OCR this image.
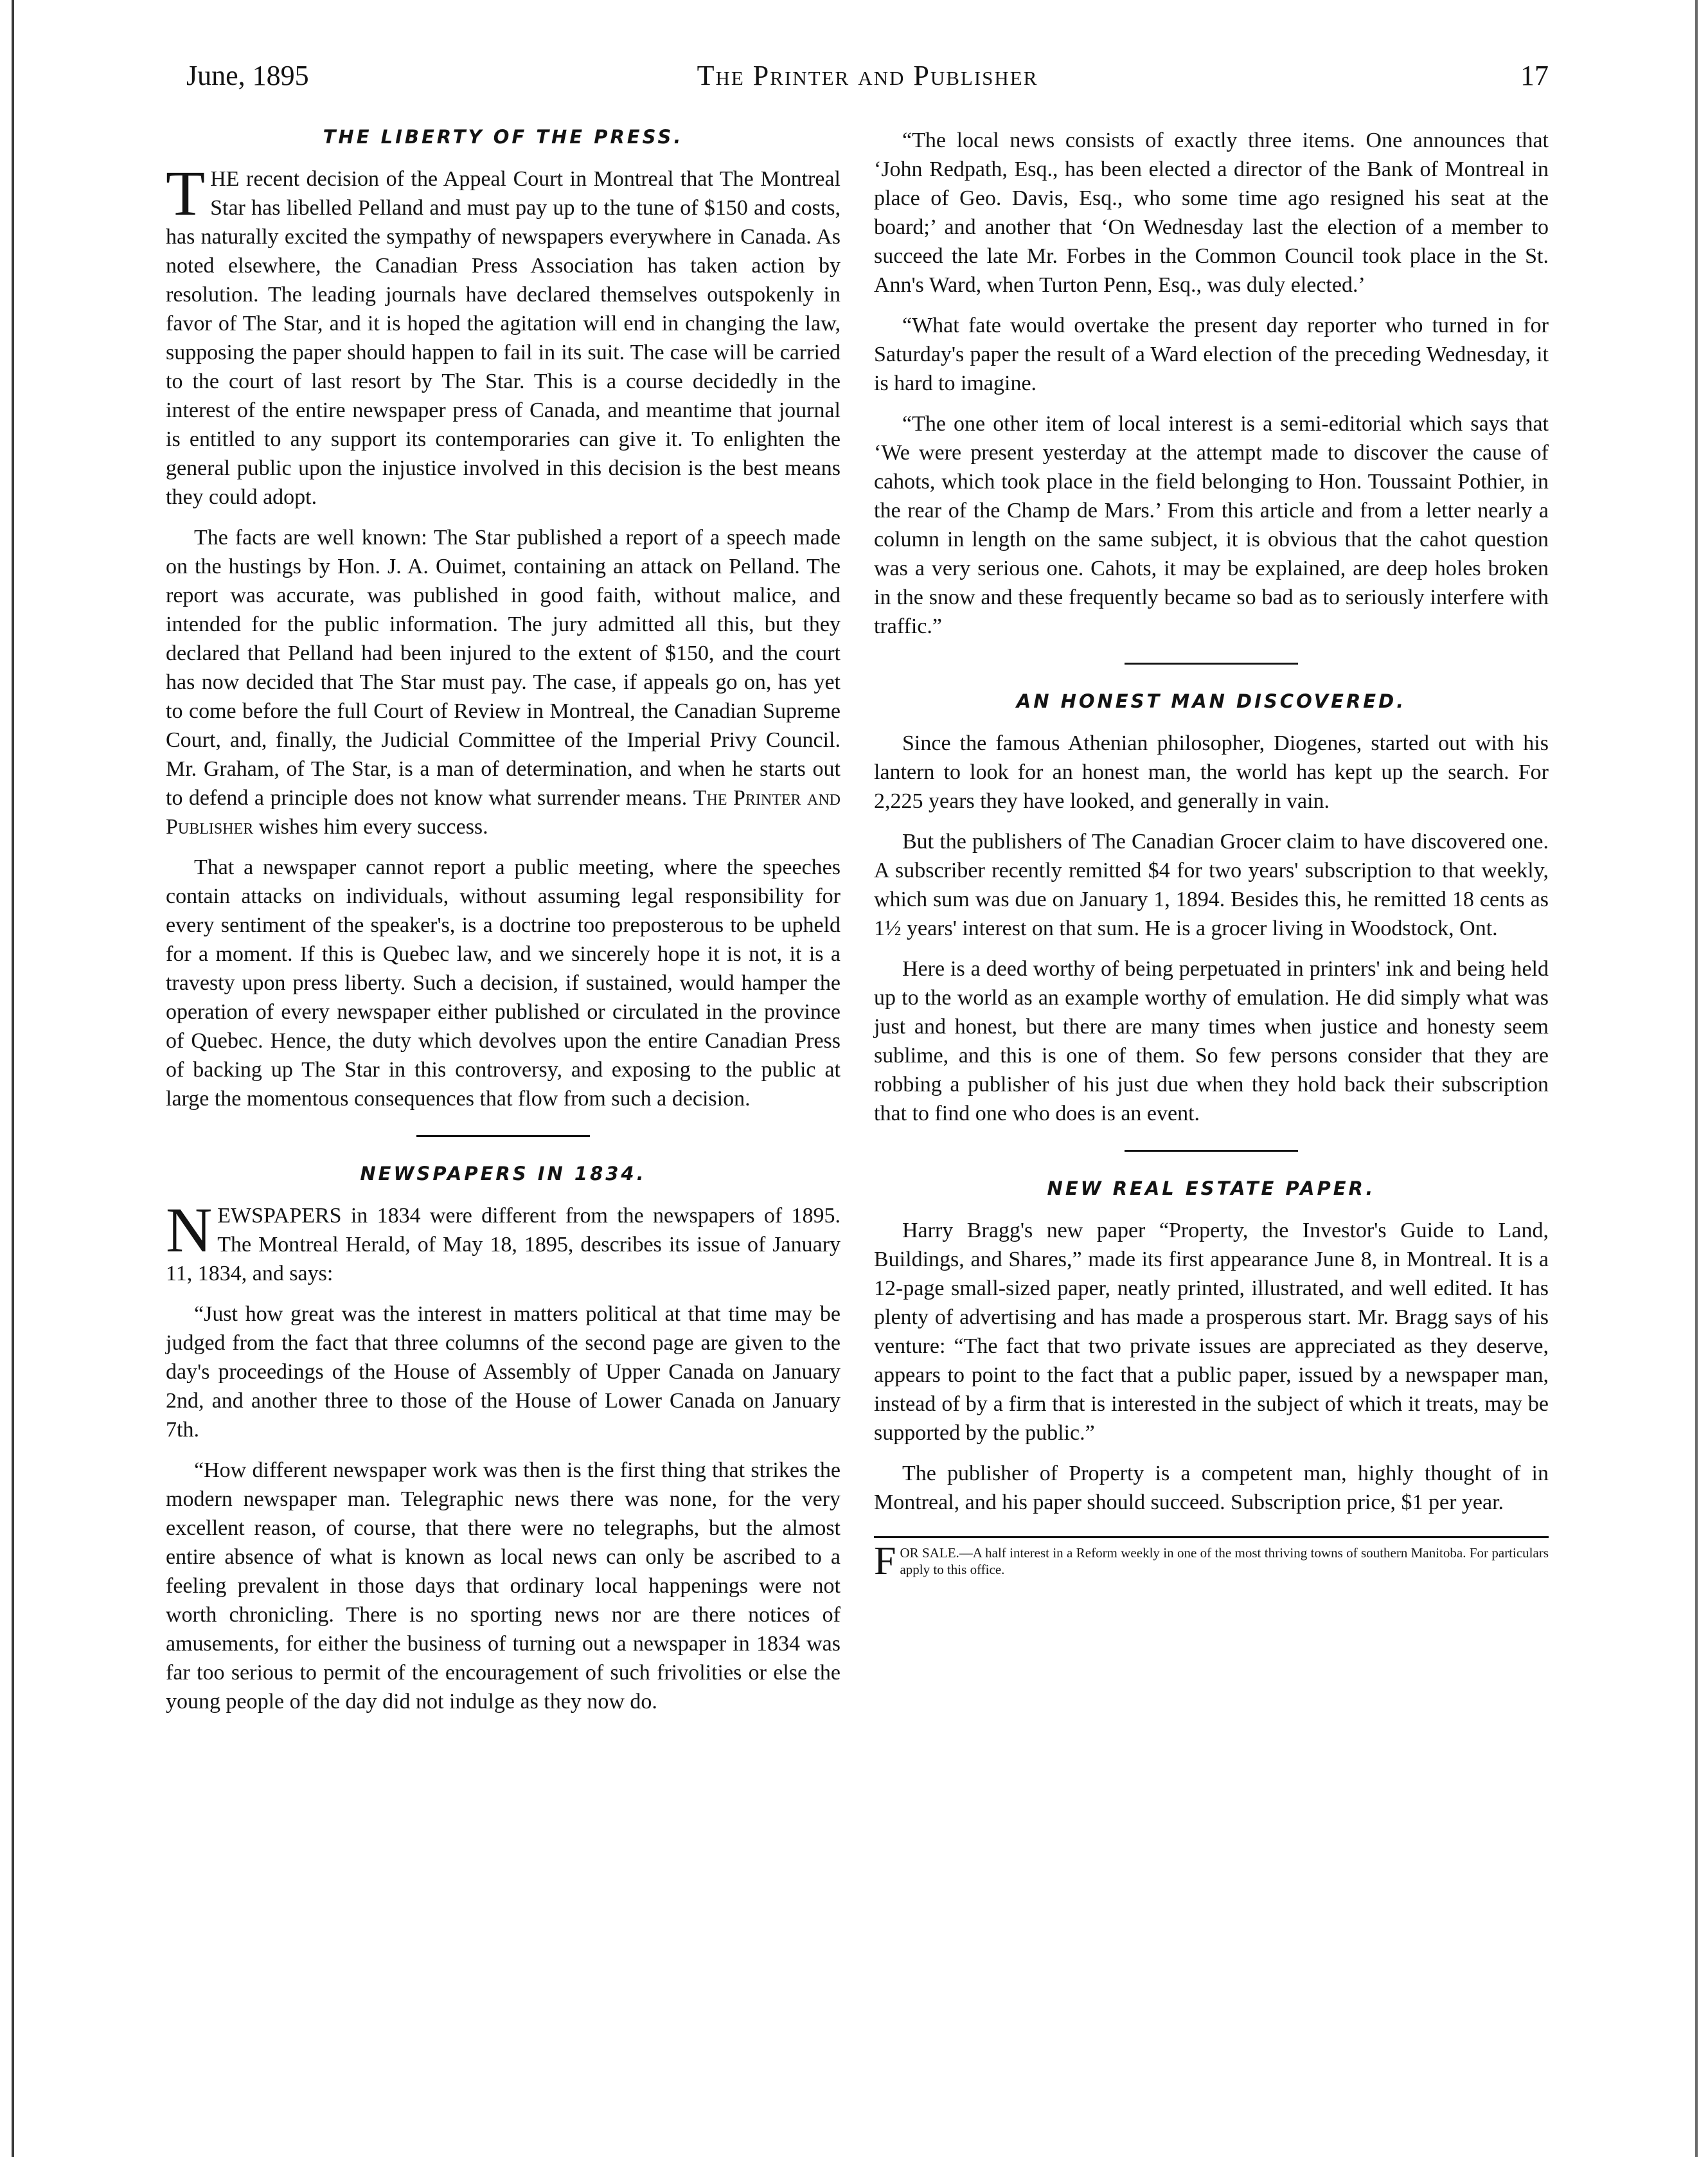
June, 1895	The Printer and Publisher	17
THE LIBERTY OF THE PRESS.

THE recent decision of the Appeal Court in Montreal that The Montreal Star has libelled Pelland and must pay up to the tune of $150 and costs, has naturally excited the sympathy of newspapers everywhere in Canada. As noted elsewhere, the Canadian Press Association has taken action by resolution. The leading journals have declared themselves outspokenly in favor of The Star, and it is hoped the agitation will end in changing the law, supposing the paper should happen to fail in its suit. The case will be carried to the court of last resort by The Star. This is a course decidedly in the interest of the entire newspaper press of Canada, and meantime that journal is entitled to any support its contemporaries can give it. To enlighten the general public upon the injustice involved in this decision is the best means they could adopt.

The facts are well known: The Star published a report of a speech made on the hustings by Hon. J. A. Ouimet, containing an attack on Pelland. The report was accurate, was published in good faith, without malice, and intended for the public information. The jury admitted all this, but they declared that Pelland had been injured to the extent of $150, and the court has now decided that The Star must pay. The case, if appeals go on, has yet to come before the full Court of Review in Montreal, the Canadian Supreme Court, and, finally, the Judicial Committee of the Imperial Privy Council. Mr. Graham, of The Star, is a man of determination, and when he starts out to defend a principle does not know what surrender means. The Printer and Publisher wishes him every success.

That a newspaper cannot report a public meeting, where the speeches contain attacks on individuals, without assuming legal responsibility for every sentiment of the speaker's, is a doctrine too preposterous to be upheld for a moment. If this is Quebec law, and we sincerely hope it is not, it is a travesty upon press liberty. Such a decision, if sustained, would hamper the operation of every newspaper either published or circulated in the province of Quebec. Hence, the duty which devolves upon the entire Canadian Press of backing up The Star in this controversy, and exposing to the public at large the momentous consequences that flow from such a decision.

NEWSPAPERS IN 1834.

NEWSPAPERS in 1834 were different from the newspapers of 1895. The Montreal Herald, of May 18, 1895, describes its issue of January 11, 1834, and says:

“Just how great was the interest in matters political at that time may be judged from the fact that three columns of the second page are given to the day's proceedings of the House of Assembly of Upper Canada on January 2nd, and another three to those of the House of Lower Canada on January 7th.

“How different newspaper work was then is the first thing that strikes the modern newspaper man. Telegraphic news there was none, for the very excellent reason, of course, that there were no telegraphs, but the almost entire absence of what is known as local news can only be ascribed to a feeling prevalent in those days that ordinary local happenings were not worth chronicling. There is no sporting news nor are there notices of amusements, for either the business of turning out a newspaper in 1834 was far too serious to permit of the encouragement of such frivolities or else the young people of the day did not indulge as they now do.

“The local news consists of exactly three items. One announces that ‘John Redpath, Esq., has been elected a director of the Bank of Montreal in place of Geo. Davis, Esq., who some time ago resigned his seat at the board;’ and another that ‘On Wednesday last the election of a member to succeed the late Mr. Forbes in the Common Council took place in the St. Ann's Ward, when Turton Penn, Esq., was duly elected.’

“What fate would overtake the present day reporter who turned in for Saturday's paper the result of a Ward election of the preceding Wednesday, it is hard to imagine.

“The one other item of local interest is a semi-editorial which says that ‘We were present yesterday at the attempt made to discover the cause of cahots, which took place in the field belonging to Hon. Toussaint Pothier, in the rear of the Champ de Mars.’ From this article and from a letter nearly a column in length on the same subject, it is obvious that the cahot question was a very serious one. Cahots, it may be explained, are deep holes broken in the snow and these frequently became so bad as to seriously interfere with traffic.”

AN HONEST MAN DISCOVERED.

Since the famous Athenian philosopher, Diogenes, started out with his lantern to look for an honest man, the world has kept up the search. For 2,225 years they have looked, and generally in vain.

But the publishers of The Canadian Grocer claim to have discovered one. A subscriber recently remitted $4 for two years' subscription to that weekly, which sum was due on January 1, 1894. Besides this, he remitted 18 cents as 1½ years' interest on that sum. He is a grocer living in Woodstock, Ont.

Here is a deed worthy of being perpetuated in printers' ink and being held up to the world as an example worthy of emulation. He did simply what was just and honest, but there are many times when justice and honesty seem sublime, and this is one of them. So few persons consider that they are robbing a publisher of his just due when they hold back their subscription that to find one who does is an event.

NEW REAL ESTATE PAPER.

Harry Bragg's new paper “Property, the Investor's Guide to Land, Buildings, and Shares,” made its first appearance June 8, in Montreal. It is a 12-page small-sized paper, neatly printed, illustrated, and well edited. It has plenty of advertising and has made a prosperous start. Mr. Bragg says of his venture: “The fact that two private issues are appreciated as they deserve, appears to point to the fact that a public paper, issued by a newspaper man, instead of by a firm that is interested in the subject of which it treats, may be supported by the public.”

The publisher of Property is a competent man, highly thought of in Montreal, and his paper should succeed. Subscription price, $1 per year.

FOR SALE.—A half interest in a Reform weekly in one of the most thriving towns of southern Manitoba. For particulars apply to this office.
